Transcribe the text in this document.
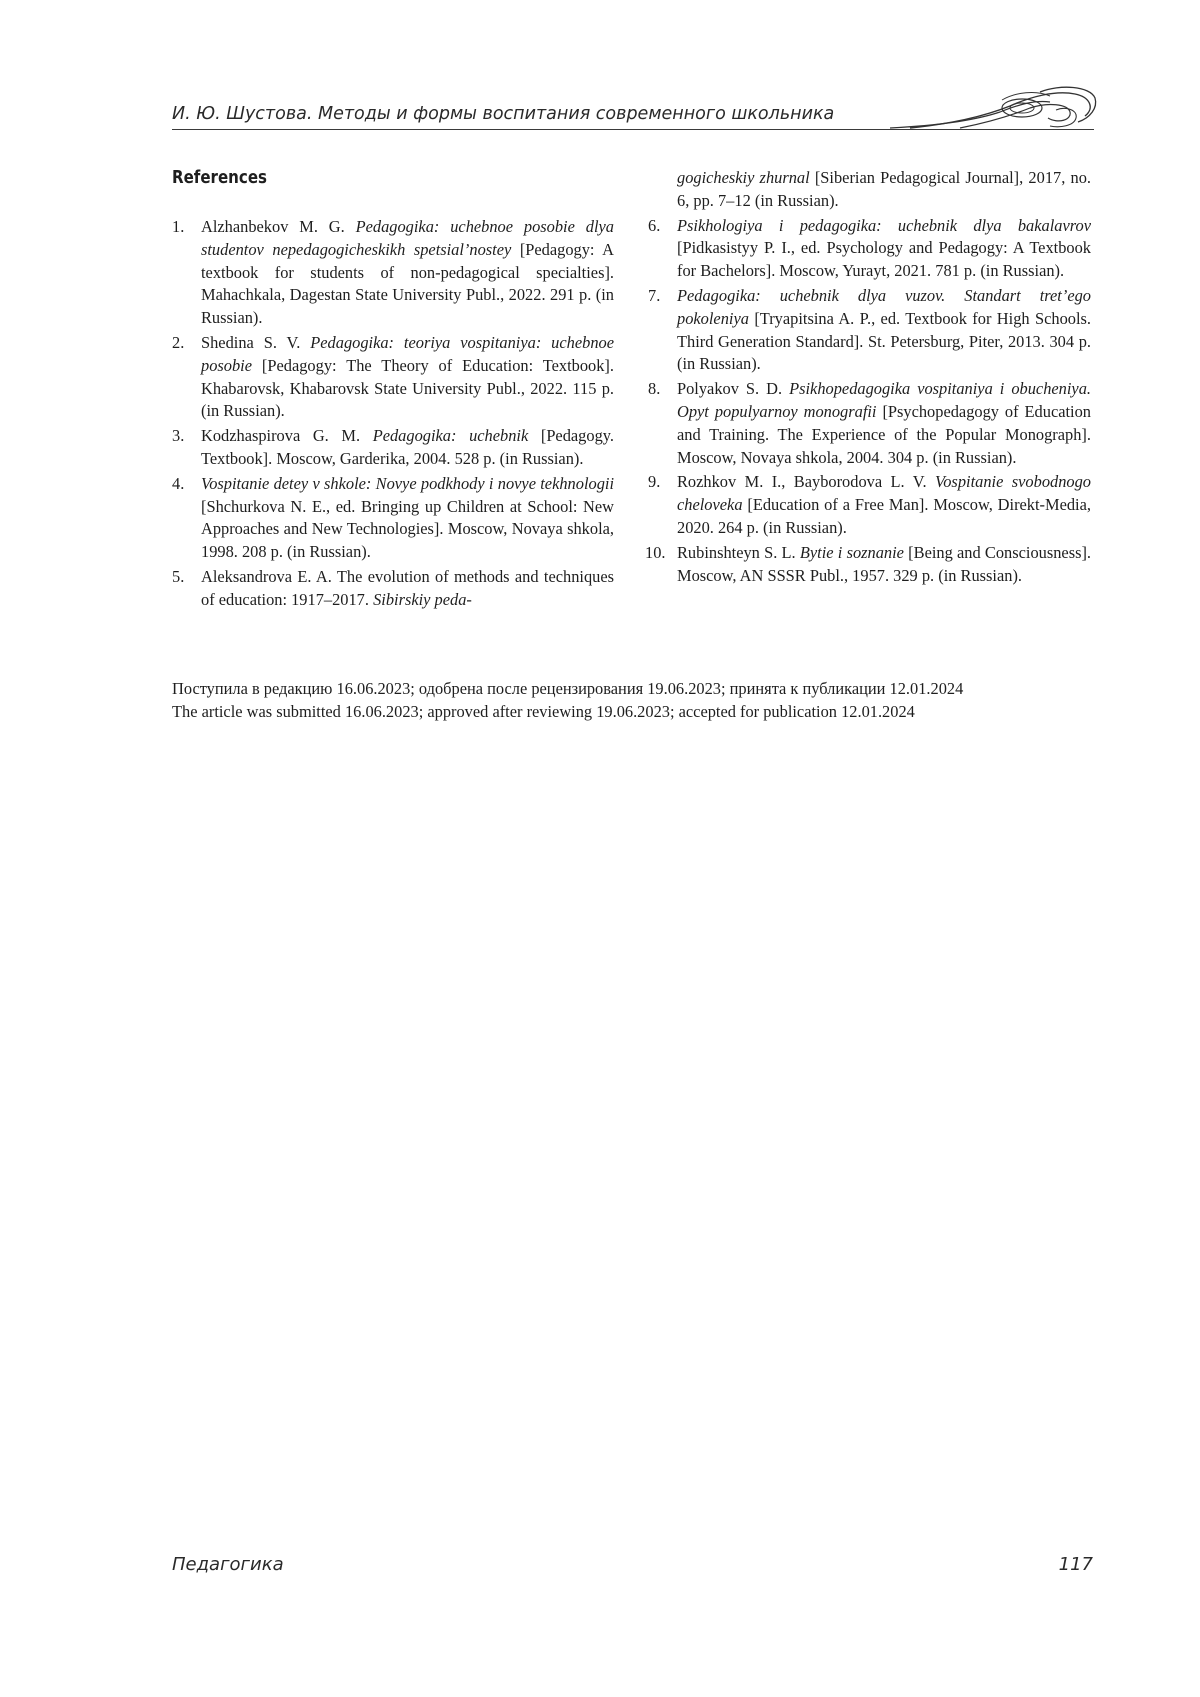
И. Ю. Шустова. Методы и формы воспитания современного школьника
References
1. Alzhanbekov M. G. Pedagogika: uchebnoe posobie dlya studentov nepedagogicheskikh spetsial’nostey [Pedagogy: A textbook for students of non-pedagogical specialties]. Mahachkala, Dagestan State University Publ., 2022. 291 p. (in Russian).
2. Shedina S. V. Pedagogika: teoriya vospitaniya: uchebnoe posobie [Pedagogy: The Theory of Education: Textbook]. Khabarovsk, Khabarovsk State University Publ., 2022. 115 p. (in Russian).
3. Kodzhaspirova G. M. Pedagogika: uchebnik [Pedagogy. Textbook]. Moscow, Garderika, 2004. 528 p. (in Russian).
4. Vospitanie detey v shkole: Novye podkhody i novye tekhnologii [Shchurkova N. E., ed. Bringing up Children at School: New Approaches and New Technologies]. Moscow, Novaya shkola, 1998. 208 p. (in Russian).
5. Aleksandrova E. A. The evolution of methods and techniques of education: 1917–2017. Sibirskiy peda-
gogicheskiy zhurnal [Siberian Pedagogical Journal], 2017, no. 6, pp. 7–12 (in Russian).
6. Psikhologiya i pedagogika: uchebnik dlya bakalavrov [Pidkasistyy P. I., ed. Psychology and Pedagogy: A Textbook for Bachelors]. Moscow, Yurayt, 2021. 781 p. (in Russian).
7. Pedagogika: uchebnik dlya vuzov. Standart tret’ego pokoleniya [Tryapitsina A. P., ed. Textbook for High Schools. Third Generation Standard]. St. Petersburg, Piter, 2013. 304 p. (in Russian).
8. Polyakov S. D. Psikhopedagogika vospitaniya i obucheniya. Opyt populyarnoy monografii [Psychopedagogy of Education and Training. The Experience of the Popular Monograph]. Moscow, Novaya shkola, 2004. 304 p. (in Russian).
9. Rozhkov M. I., Bayborodova L. V. Vospitanie svobodnogo cheloveka [Education of a Free Man]. Moscow, Direkt-Media, 2020. 264 p. (in Russian).
10. Rubinshteyn S. L. Bytie i soznanie [Being and Consciousness]. Moscow, AN SSSR Publ., 1957. 329 p. (in Russian).
Поступила в редакцию 16.06.2023; одобрена после рецензирования 19.06.2023; принята к публикации 12.01.2024
The article was submitted 16.06.2023; approved after reviewing 19.06.2023; accepted for publication 12.01.2024
Педагогика	117
